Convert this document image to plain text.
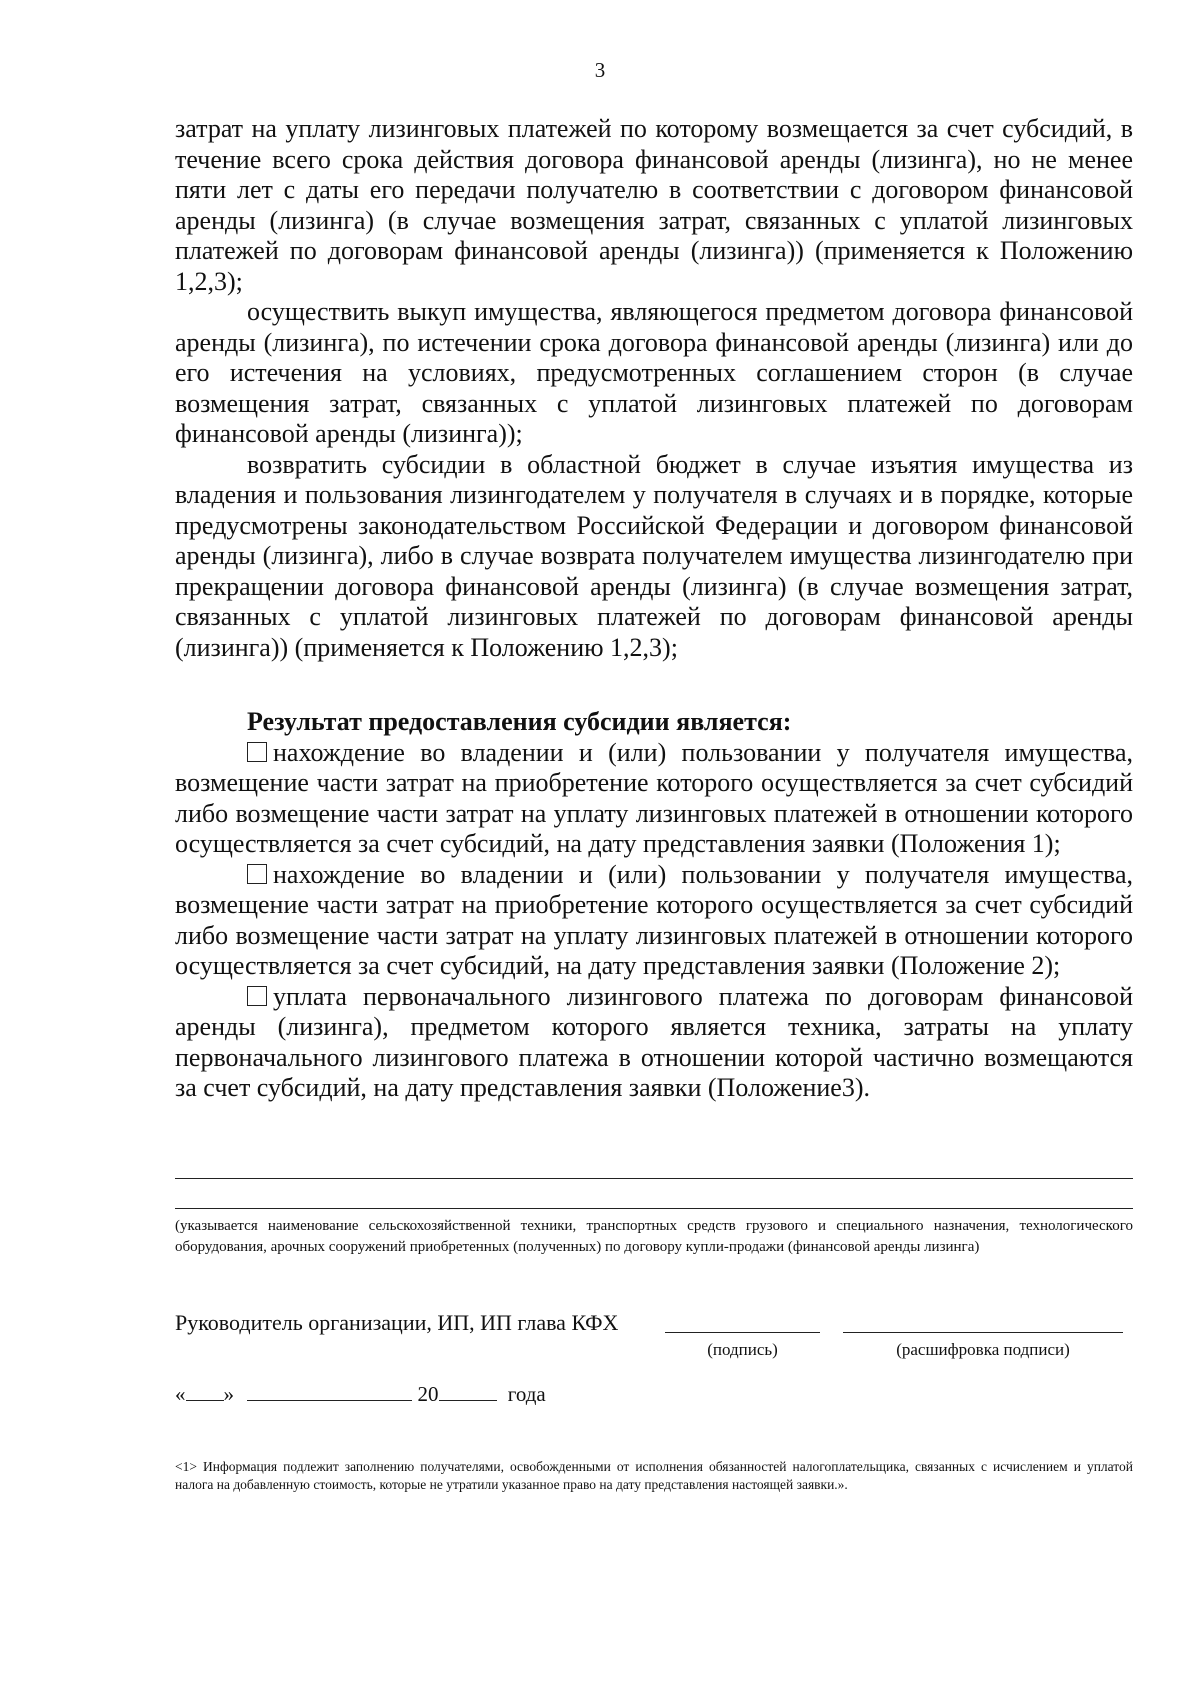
3

затрат на уплату лизинговых платежей по которому возмещается за счет субсидий, в течение всего срока действия договора финансовой аренды (лизинга), но не менее пяти лет с даты его передачи получателю в соответствии с договором финансовой аренды (лизинга) (в случае возмещения затрат, связанных с уплатой лизинговых платежей по договорам финансовой аренды (лизинга)) (применяется к Положению 1,2,3);

осуществить выкуп имущества, являющегося предметом договора финансовой аренды (лизинга), по истечении срока договора финансовой аренды (лизинга) или до его истечения на условиях, предусмотренных соглашением сторон (в случае возмещения затрат, связанных с уплатой лизинговых платежей по договорам финансовой аренды (лизинга));

возвратить субсидии в областной бюджет в случае изъятия имущества из владения и пользования лизингодателем у получателя в случаях и в порядке, которые предусмотрены законодательством Российской Федерации и договором финансовой аренды (лизинга), либо в случае возврата получателем имущества лизингодателю при прекращении договора финансовой аренды (лизинга) (в случае возмещения затрат, связанных с уплатой лизинговых платежей по договорам финансовой аренды (лизинга)) (применяется к Положению 1,2,3);

Результат предоставления субсидии является:

нахождение во владении и (или) пользовании у получателя имущества, возмещение части затрат на приобретение которого осуществляется за счет субсидий либо возмещение части затрат на уплату лизинговых платежей в отношении которого осуществляется за счет субсидий, на дату представления заявки (Положения 1);

нахождение во владении и (или) пользовании у получателя имущества, возмещение части затрат на приобретение которого осуществляется за счет субсидий либо возмещение части затрат на уплату лизинговых платежей в отношении которого осуществляется за счет субсидий, на дату представления заявки (Положение 2);

уплата первоначального лизингового платежа по договорам финансовой аренды (лизинга), предметом которого является техника, затраты на уплату первоначального лизингового платежа в отношении которой частично возмещаются за счет субсидий, на дату представления заявки (Положение3).

(указывается наименование сельскохозяйственной техники, транспортных средств грузового и специального назначения, технологического оборудования, арочных сооружений приобретенных (полученных) по договору купли-продажи (финансовой аренды лизинга)
Руководитель организации, ИП, ИП глава КФХ
(подпись)	(расшифровка подписи)
« »	20	года
<1> Информация подлежит заполнению получателями, освобожденными от исполнения обязанностей налогоплательщика, связанных с исчислением и уплатой налога на добавленную стоимость, которые не утратили указанное право на дату представления настоящей заявки.».
